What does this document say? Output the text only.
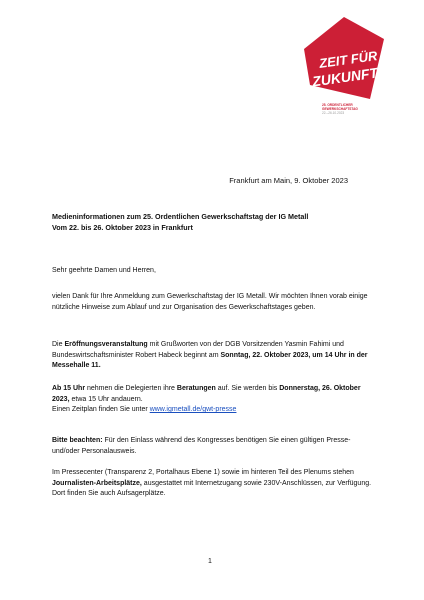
ZEIT FÜR
ZUKUNFT
25. ORDENTLICHER
GEWERKSCHAFTSTAG
22.–26.10.2023
Frankfurt am Main, 9. Oktober 2023
Medieninformationen zum 25. Ordentlichen Gewerkschaftstag der IG Metall
Vom 22. bis 26. Oktober 2023 in Frankfurt

Sehr geehrte Damen und Herren,

vielen Dank für Ihre Anmeldung zum Gewerkschaftstag der IG Metall. Wir möchten Ihnen vorab einige nützliche Hinweise zum Ablauf und zur Organisation des Gewerkschaftstages geben.

Die Eröffnungsveranstaltung mit Grußworten von der DGB Vorsitzenden Yasmin Fahimi und Bundeswirtschaftsminister Robert Habeck beginnt am Sonntag, 22. Oktober 2023, um 14 Uhr in der Messehalle 11.

Ab 15 Uhr nehmen die Delegierten ihre Beratungen auf. Sie werden bis Donnerstag, 26. Oktober 2023, etwa 15 Uhr andauern.
Einen Zeitplan finden Sie unter www.igmetall.de/gwt-presse

Bitte beachten: Für den Einlass während des Kongresses benötigen Sie einen gültigen Presse- und/oder Personalausweis.

Im Pressecenter (Transparenz 2, Portalhaus Ebene 1) sowie im hinteren Teil des Plenums stehen Journalisten-Arbeitsplätze, ausgestattet mit Internetzugang sowie 230V-Anschlüssen, zur Verfügung. Dort finden Sie auch Aufsagerplätze.

1
